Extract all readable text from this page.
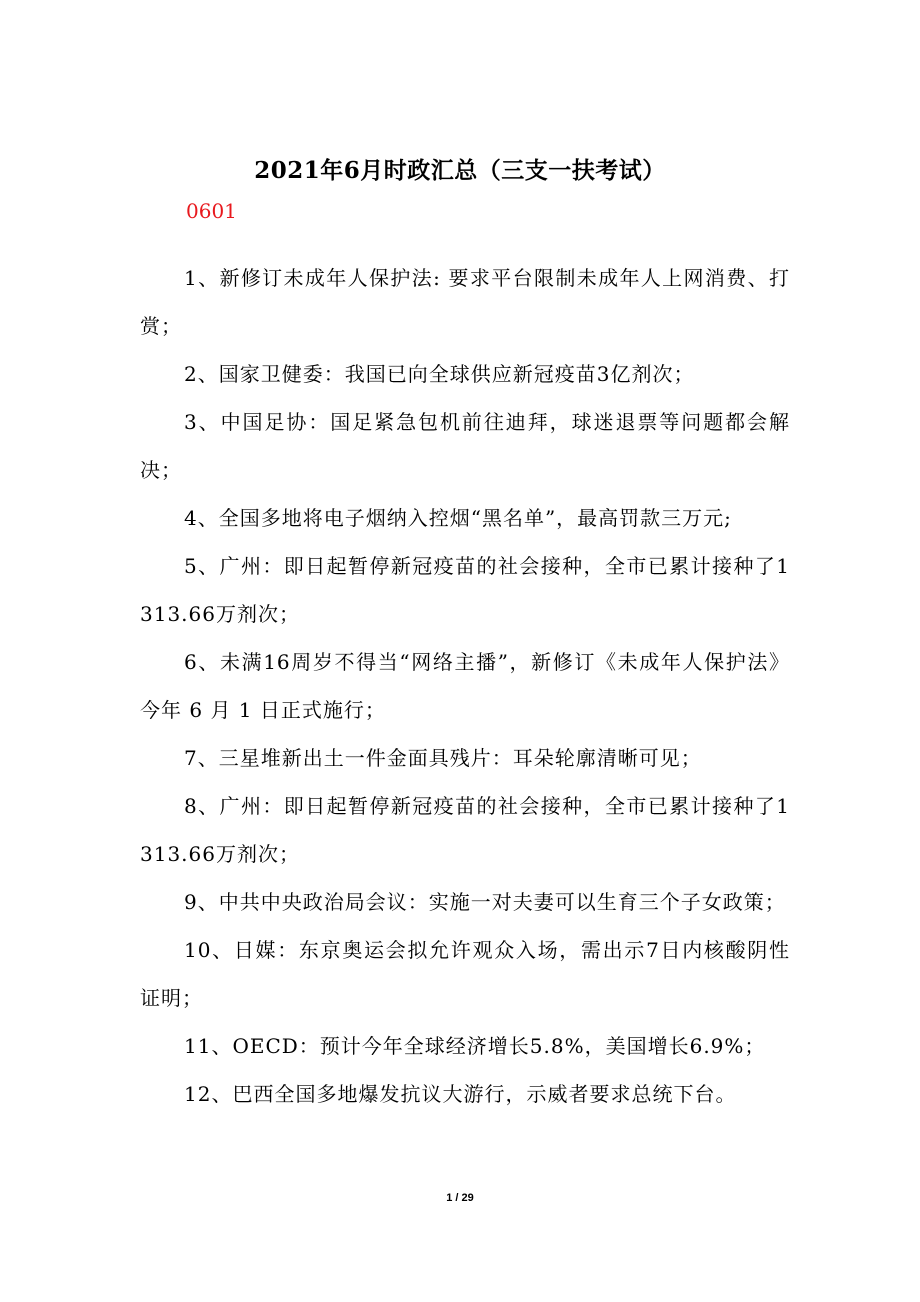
2021年6月时政汇总（三支一扶考试）
0601
1、新修订未成年人保护法: 要求平台限制未成年人上网消费、打赏；
2、国家卫健委：我国已向全球供应新冠疫苗3亿剂次；
3、中国足协：国足紧急包机前往迪拜，球迷退票等问题都会解决；
4、全国多地将电子烟纳入控烟“黑名单”，最高罚款三万元;
5、广州：即日起暂停新冠疫苗的社会接种，全市已累计接种了1313.66万剂次；
6、未满16周岁不得当“网络主播”，新修订《未成年人保护法》今年 6 月 1 日正式施行；
7、三星堆新出土一件金面具残片：耳朵轮廓清晰可见；
8、广州：即日起暂停新冠疫苗的社会接种，全市已累计接种了1313.66万剂次；
9、中共中央政治局会议：实施一对夫妻可以生育三个子女政策；
10、日媒：东京奥运会拟允许观众入场，需出示7日内核酸阴性证明；
11、OECD：预计今年全球经济增长5.8%，美国增长6.9%；
12、巴西全国多地爆发抗议大游行，示威者要求总统下台。
1 / 29
